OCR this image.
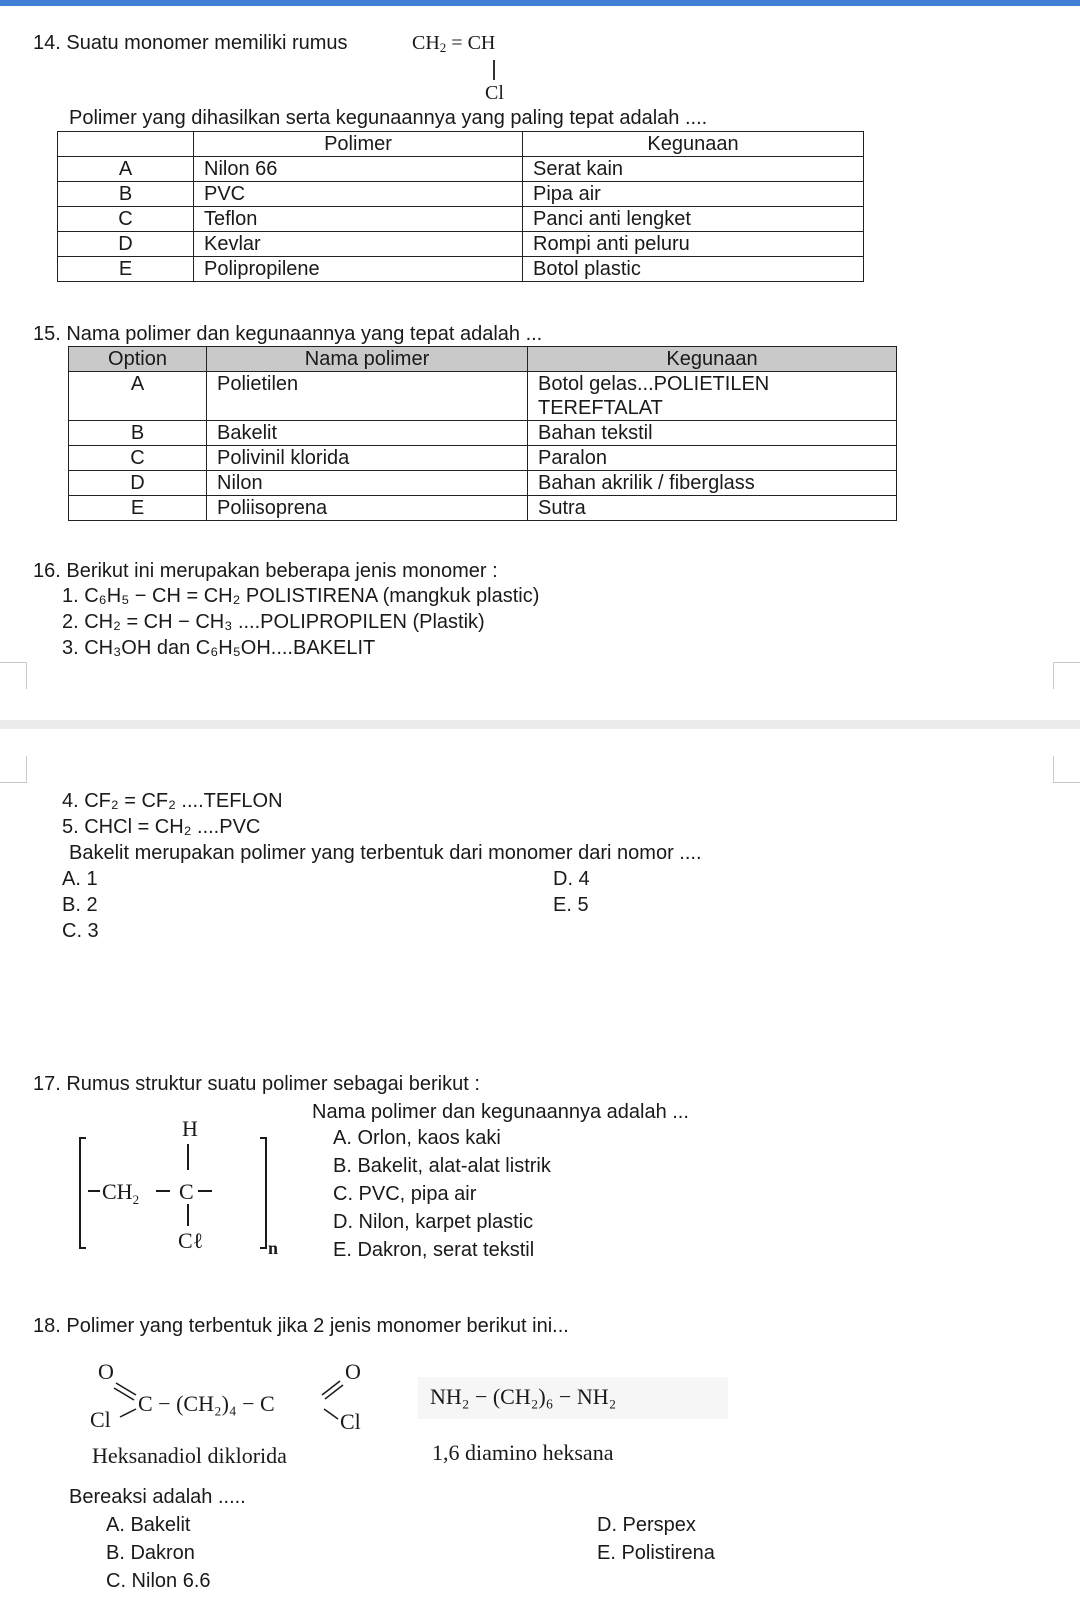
14. Suatu monomer memiliki rumus	$CH_2$ = CH
Cl
Polimer yang dihasilkan serta kegunaannya yang paling tepat adalah ....
	Polimer	Kegunaan
A	Nilon 66	Serat kain
B	PVC	Pipa air
C	Teflon	Panci anti lengket
D	Kevlar	Rompi anti peluru
E	Polipropilene	Botol plastic
15. Nama polimer dan kegunaannya yang tepat adalah ...
Option	Nama polimer	Kegunaan
A	Polietilen	Botol gelas...POLIETILEN
		TEREFTALAT
B	Bakelit	Bahan tekstil
C	Polivinil klorida	Paralon
D	Nilon	Bahan akrilik / fiberglass
E	Poliisoprena	Sutra
16. Berikut ini merupakan beberapa jenis monomer :
1. C₆H₅ − CH = CH₂ POLISTIRENA (mangkuk plastic)
2. CH₂ = CH − CH₃ ....POLIPROPILEN (Plastik)
3. CH₃OH dan C₆H₅OH....BAKELIT
4. CF₂ = CF₂ ....TEFLON
5. CHCl = CH₂ ....PVC
Bakelit merupakan polimer yang terbentuk dari monomer dari nomor ....
A. 1
B. 2
C. 3
D. 4
E. 5
17. Rumus struktur suatu polimer sebagai berikut :
$CH_2$
H
C
Cℓ	n
Nama polimer dan kegunaannya adalah ...
A. Orlon, kaos kaki
B. Bakelit, alat-alat listrik
C. PVC, pipa air
D. Nilon, karpet plastic
E. Dakron, serat tekstil
18. Polimer yang terbentuk jika 2 jenis monomer berikut ini...
O
Cl
C − (CH₂)₄ − C
O
Cl
Heksanadiol diklorida
NH₂ − (CH₂)₆ − NH₂
1,6 diamino heksana
Bereaksi adalah .....
A. Bakelit
B. Dakron
C. Nilon 6.6
D. Perspex
E. Polistirena
